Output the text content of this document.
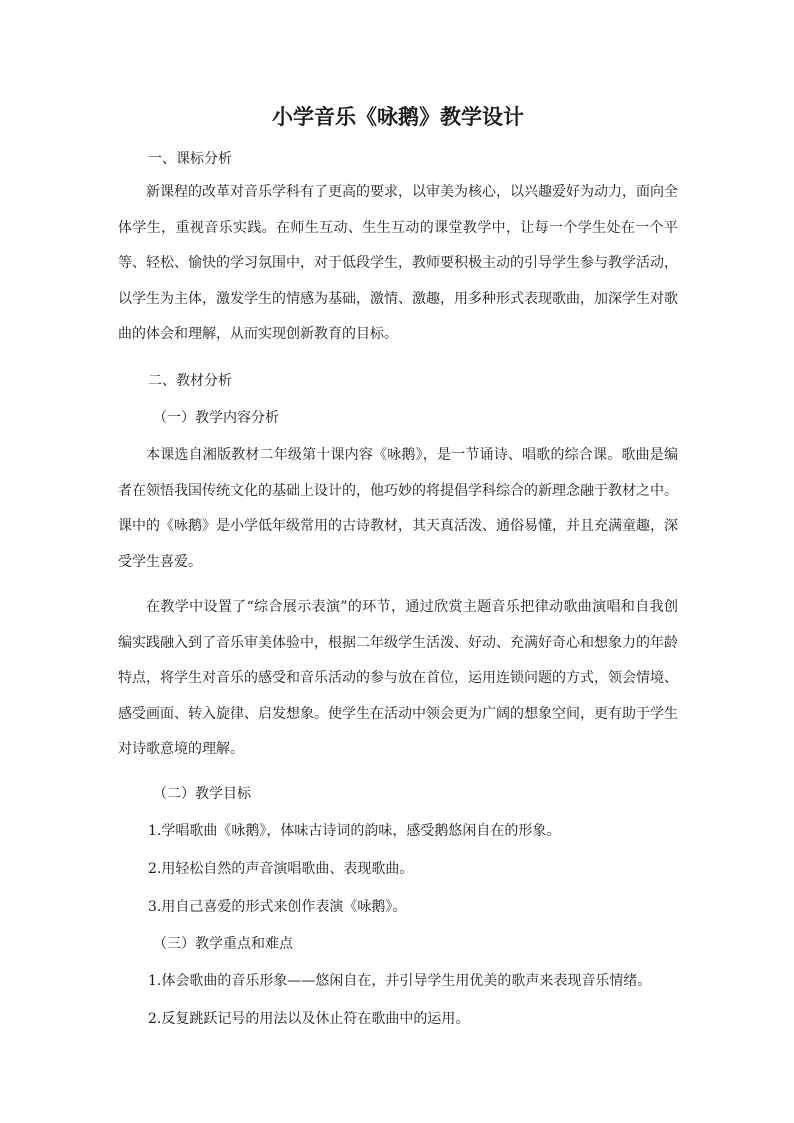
小学音乐《咏鹅》教学设计

一、课标分析

新课程的改革对音乐学科有了更高的要求，以审美为核心，以兴趣爱好为动力，面向全体学生，重视音乐实践。在师生互动、生生互动的课堂教学中，让每一个学生处在一个平等、轻松、愉快的学习氛围中，对于低段学生，教师要积极主动的引导学生参与教学活动，以学生为主体，激发学生的情感为基础，激情、激趣，用多种形式表现歌曲，加深学生对歌曲的体会和理解，从而实现创新教育的目标。

二、教材分析

（一）教学内容分析

本课选自湘版教材二年级第十课内容《咏鹅》，是一节诵诗、唱歌的综合课。歌曲是编者在领悟我国传统文化的基础上设计的，他巧妙的将提倡学科综合的新理念融于教材之中。课中的《咏鹅》是小学低年级常用的古诗教材，其天真活泼、通俗易懂，并且充满童趣，深受学生喜爱。

在教学中设置了“综合展示表演”的环节，通过欣赏主题音乐把律动歌曲演唱和自我创编实践融入到了音乐审美体验中，根据二年级学生活泼、好动、充满好奇心和想象力的年龄特点，将学生对音乐的感受和音乐活动的参与放在首位，运用连锁问题的方式，领会情境、感受画面、转入旋律、启发想象。使学生在活动中领会更为广阔的想象空间，更有助于学生对诗歌意境的理解。

（二）教学目标

1.学唱歌曲《咏鹅》，体味古诗词的韵味，感受鹅悠闲自在的形象。

2.用轻松自然的声音演唱歌曲、表现歌曲。

3.用自己喜爱的形式来创作表演《咏鹅》。

（三）教学重点和难点

1.体会歌曲的音乐形象——悠闲自在，并引导学生用优美的歌声来表现音乐情绪。

2.反复跳跃记号的用法以及休止符在歌曲中的运用。
